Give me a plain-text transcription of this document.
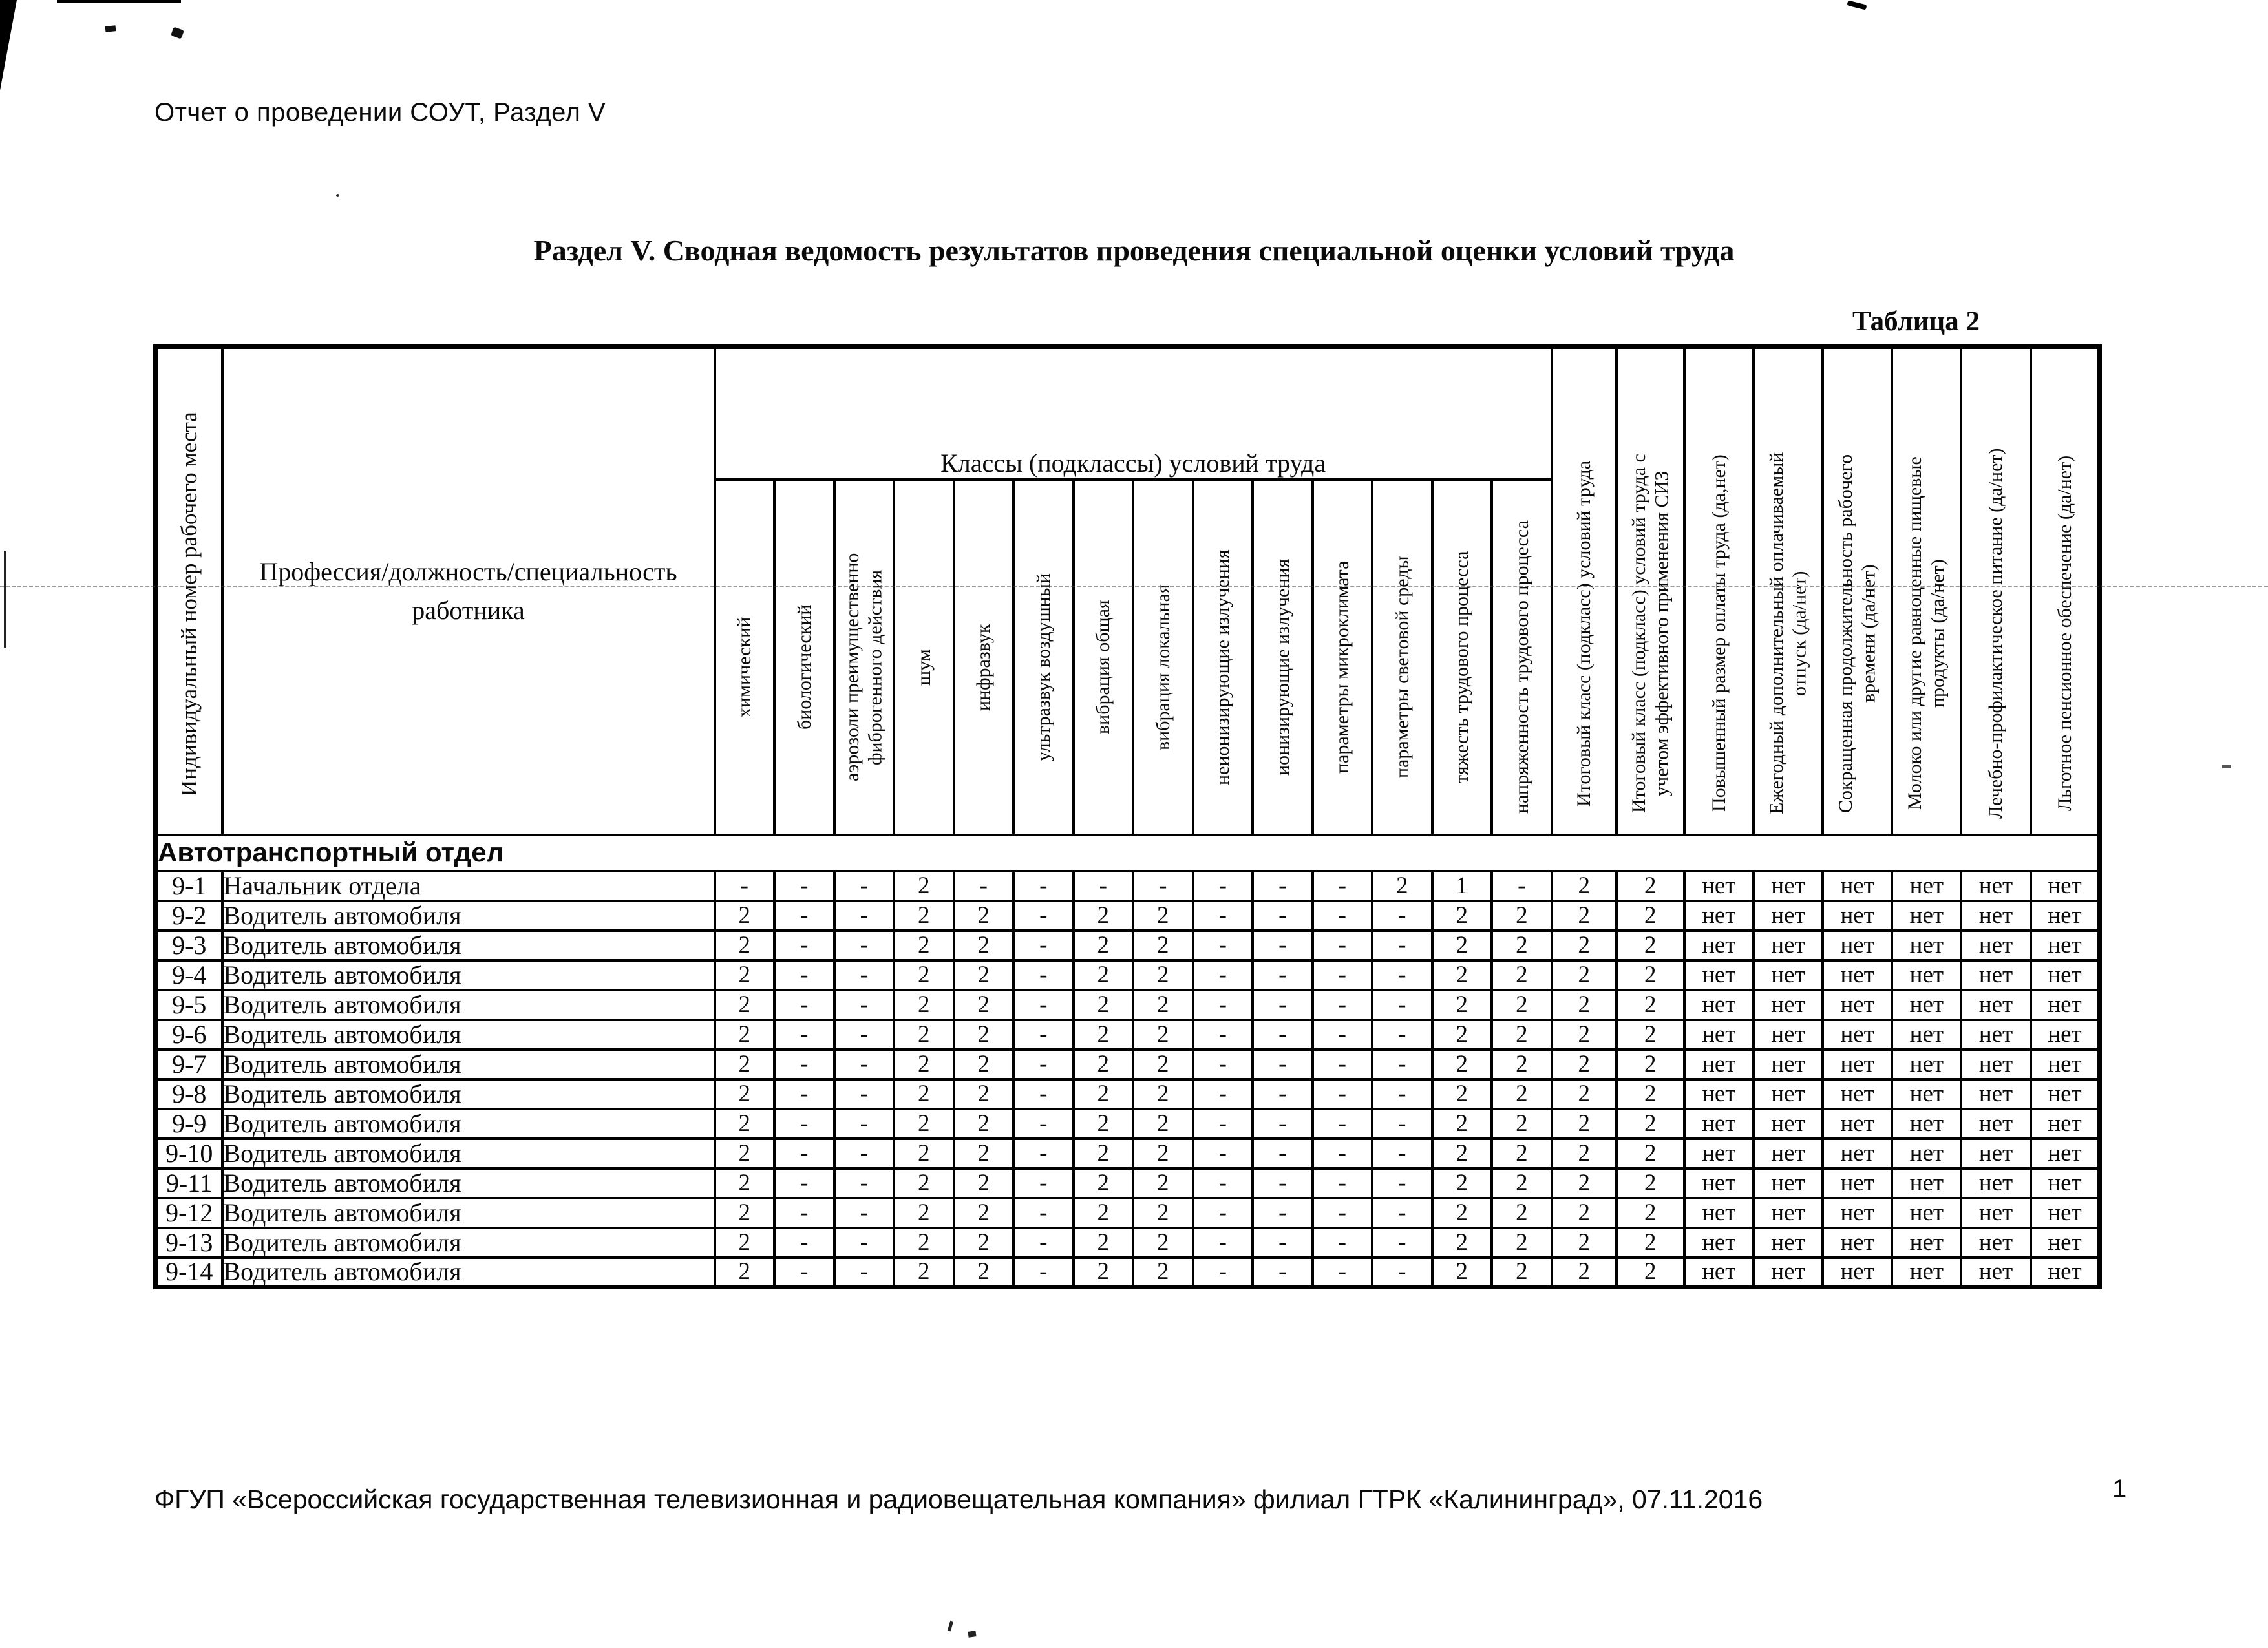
Отчет о проведении СОУТ, Раздел V
Раздел V. Сводная ведомость результатов проведения специальной оценки условий труда
Таблица 2
Индивидуальный номер рабочего места	Профессия/должность/специальность работника	Классы (подклассы) условий труда														Итоговый класс (подкласс) условий труда	Итоговый класс (подкласс) условий труда с учетом эффективного применения СИЗ	Повышенный размер оплаты труда (да,нет)	Ежегодный дополнительный оплачиваемый отпуск (да/нет)	Сокращенная продолжительность рабочего времени (да/нет)	Молоко или другие равноценные пищевые продукты (да/нет)	Лечебно-профилактическое питание (да/нет)	Льготное пенсионное обеспечение (да/нет)
		химический	биологический	аэрозоли преимущественно фиброгенного действия	шум	инфразвук	ультразвук воздушный	вибрация общая	вибрация локальная	неионизирующие излучения	ионизирующие излучения	параметры микроклимата	параметры световой среды	тяжесть трудового процесса	напряженность трудового процесса								
Автотранспортный отдел																							
9-1	Начальник отдела	-	-	-	2	-	-	-	-	-	-	-	2	1	-	2	2	нет	нет	нет	нет	нет	нет
9-2	Водитель автомобиля	2	-	-	2	2	-	2	2	-	-	-	-	2	2	2	2	нет	нет	нет	нет	нет	нет
9-3	Водитель автомобиля	2	-	-	2	2	-	2	2	-	-	-	-	2	2	2	2	нет	нет	нет	нет	нет	нет
9-4	Водитель автомобиля	2	-	-	2	2	-	2	2	-	-	-	-	2	2	2	2	нет	нет	нет	нет	нет	нет
9-5	Водитель автомобиля	2	-	-	2	2	-	2	2	-	-	-	-	2	2	2	2	нет	нет	нет	нет	нет	нет
9-6	Водитель автомобиля	2	-	-	2	2	-	2	2	-	-	-	-	2	2	2	2	нет	нет	нет	нет	нет	нет
9-7	Водитель автомобиля	2	-	-	2	2	-	2	2	-	-	-	-	2	2	2	2	нет	нет	нет	нет	нет	нет
9-8	Водитель автомобиля	2	-	-	2	2	-	2	2	-	-	-	-	2	2	2	2	нет	нет	нет	нет	нет	нет
9-9	Водитель автомобиля	2	-	-	2	2	-	2	2	-	-	-	-	2	2	2	2	нет	нет	нет	нет	нет	нет
9-10	Водитель автомобиля	2	-	-	2	2	-	2	2	-	-	-	-	2	2	2	2	нет	нет	нет	нет	нет	нет
9-11	Водитель автомобиля	2	-	-	2	2	-	2	2	-	-	-	-	2	2	2	2	нет	нет	нет	нет	нет	нет
9-12	Водитель автомобиля	2	-	-	2	2	-	2	2	-	-	-	-	2	2	2	2	нет	нет	нет	нет	нет	нет
9-13	Водитель автомобиля	2	-	-	2	2	-	2	2	-	-	-	-	2	2	2	2	нет	нет	нет	нет	нет	нет
9-14	Водитель автомобиля	2	-	-	2	2	-	2	2	-	-	-	-	2	2	2	2	нет	нет	нет	нет	нет	нет
ФГУП «Всероссийская государственная телевизионная и радиовещательная компания» филиал ГТРК «Калининград», 07.11.2016	1
